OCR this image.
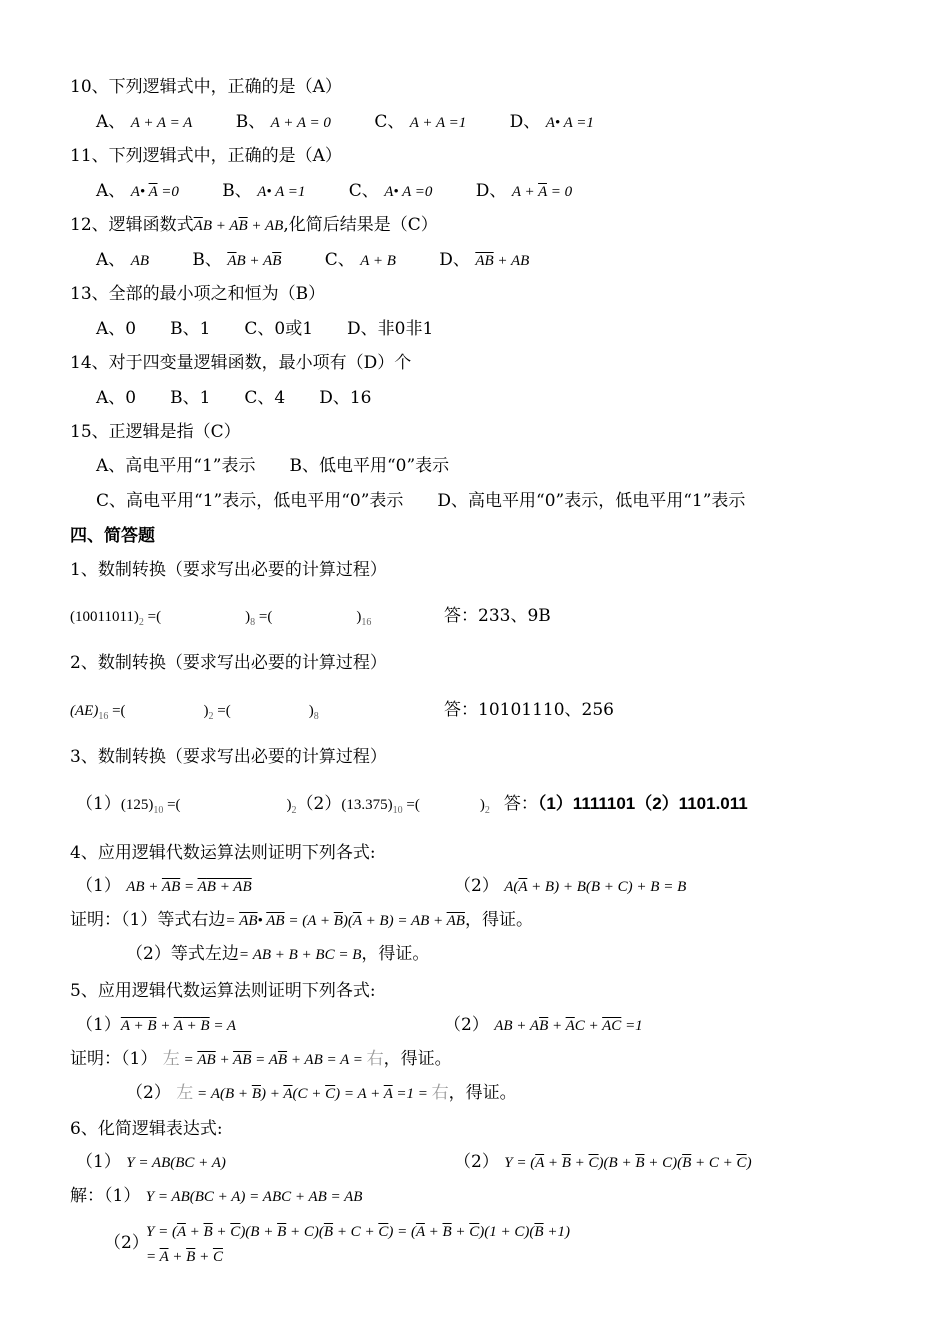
10、下列逻辑式中，正确的是（A）
A、 A + A = A	B、 A + A = 0	C、 A + A =1	D、 A• A =1
11、下列逻辑式中，正确的是（A）
A、 A• $\overline{A} =0$	B、 A• A =1	C、 A• A =0	D、 $A + \overline{A} = 0$
12、逻辑函数式$\overline{A}B + A\overline{B}$ + AB,化简后结果是（C）
A、 AB	B、 $\overline{A}B + A\overline{B}$	C、 A + B	D、 $\overline{AB}$ + AB
13、全部的最小项之和恒为（B）
A、0　　B、1　　C、0或1　　D、非0非1
14、对于四变量逻辑函数，最小项有（D）个
A、0　　B、1　　C、4　　D、16
15、正逻辑是指（C）
A、高电平用“1”表示　　B、低电平用“0”表示
C、高电平用“1”表示，低电平用“0”表示　　D、高电平用“0”表示，低电平用“1”表示
四、简答题
1、数制转换（要求写出必要的计算过程）
$(10011011)_2$ =(	)$_8$ =(	)$_{16}$	答：233、9B
2、数制转换（要求写出必要的计算过程）
$(AE)_{16}$ =(	)$_2$ =(	)$_8$	答：10101110、256
3、数制转换（要求写出必要的计算过程）
$(1)(125)_{10}$ =(	)$_2(2)(13.375)_{10}$ =(	)$_2$ 答：（1）1111101（2）1101.011
4、应用逻辑代数运算法则证明下列各式:
（1） AB + $\overline{AB}$ = AB + AB	（2） $A(\overline{A} + B) + B(B + C) + B = B$
证明：（1）等式右边= $\overline{AB}•$ $\overline{AB} = (A + \overline{B})(\overline{A} + B)$ = AB + $\overline{AB}$，得证。
（2）等式左边= AB + B + BC = B，得证。
5、应用逻辑代数运算法则证明下列各式:
（1）A + B + A + B = A	（2） AB + $A\overline{B} + \overline{A}C + \overline{AC} =1$
证明：（1） 左 = $\overline{AB} + \overline{AB} = A\overline{B}$ + AB = A = 右，得证。
（2） 左 = $A(B + \overline{B}) + \overline{A}(C + \overline{C}) = A + \overline{A} =1$ = 右，得证。
6、化简逻辑表达式:
（1） Y = AB(BC + A)	（2） $Y = (\overline{A} + \overline{B} + \overline{C})(B + \overline{B} + C)(\overline{B} + C + \overline{C})$
解：（1） Y = AB(BC + A) = ABC + AB = AB
（2）
$Y = (\overline{A} + \overline{B} + \overline{C})(B + \overline{B} + C)(\overline{B} + C + \overline{C}) = (\overline{A} + \overline{B} + \overline{C})(1 + C)(\overline{B} +1)$
= $\overline{A} + \overline{B} + \overline{C}$
